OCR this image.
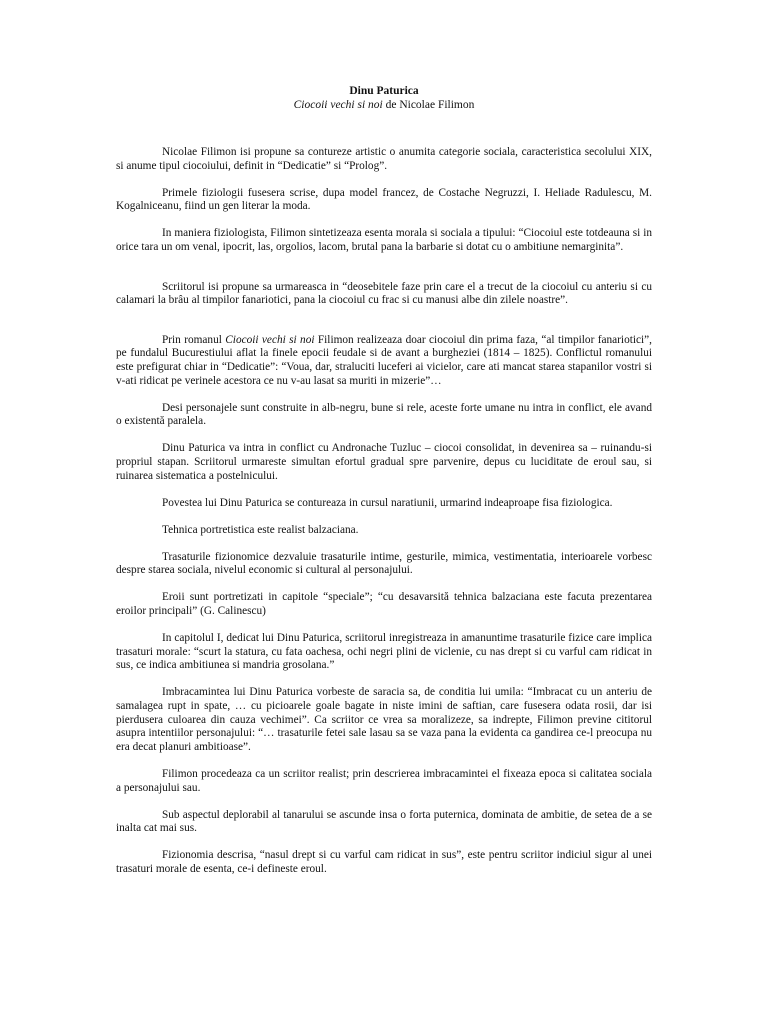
Dinu Paturica

Ciocoii vechi si noi de Nicolae Filimon

Nicolae Filimon isi propune sa contureze artistic o anumita categorie sociala, caracteristica secolului XIX, si anume tipul ciocoiului, definit in “Dedicatie” si “Prolog”.

Primele fiziologii fusesera scrise, dupa model francez, de Costache Negruzzi, I. Heliade Radulescu, M. Kogalniceanu, fiind un gen literar la moda.

In maniera fiziologista, Filimon sintetizeaza esenta morala si sociala a tipului: “Ciocoiul este totdeauna si in orice tara un om venal, ipocrit, las, orgolios, lacom, brutal pana la barbarie si dotat cu o ambitiune nemarginita”.

Scriitorul isi propune sa urmareasca in “deosebitele faze prin care el a trecut de la ciocoiul cu anteriu si cu calamari la brâu al timpilor fanariotici, pana la ciocoiul cu frac si cu manusi albe din zilele noastre”.

Prin romanul Ciocoii vechi si noi Filimon realizeaza doar ciocoiul din prima faza, “al timpilor fanariotici”, pe fundalul Bucurestiului aflat la finele epocii feudale si de avant a burgheziei (1814 – 1825). Conflictul romanului este prefigurat chiar in “Dedicatie”: “Voua, dar, straluciti luceferi ai vicielor, care ati mancat starea stapanilor vostri si v-ati ridicat pe verinele acestora ce nu v-au lasat sa muriti in mizerie”…

Desi personajele sunt construite in alb-negru, bune si rele, aceste forte umane nu intra in conflict, ele avand o existentă paralela.

Dinu Paturica va intra in conflict cu Andronache Tuzluc – ciocoi consolidat, in devenirea sa – ruinandu-si propriul stapan. Scriitorul urmareste simultan efortul gradual spre parvenire, depus cu luciditate de eroul sau, si ruinarea sistematica a postelnicului.

Povestea lui Dinu Paturica se contureaza in cursul naratiunii, urmarind indeaproape fisa fiziologica.

Tehnica portretistica este realist balzaciana.

Trasaturile fizionomice dezvaluie trasaturile intime, gesturile, mimica, vestimentatia, interioarele vorbesc despre starea sociala, nivelul economic si cultural al personajului.

Eroii sunt portretizati in capitole “speciale”; “cu desavarsită tehnica balzaciana este facuta prezentarea eroilor principali” (G. Calinescu)

In capitolul I, dedicat lui Dinu Paturica, scriitorul inregistreaza in amanuntime trasaturile fizice care implica trasaturi morale: “scurt la statura, cu fata oachesa, ochi negri plini de viclenie, cu nas drept si cu varful cam ridicat in sus, ce indica ambitiunea si mandria grosolana.”

Imbracamintea lui Dinu Paturica vorbeste de saracia sa, de conditia lui umila: “Imbracat cu un anteriu de samalagea rupt in spate, … cu picioarele goale bagate in niste imini de saftian, care fusesera odata rosii, dar isi pierdusera culoarea din cauza vechimei”. Ca scriitor ce vrea sa moralizeze, sa indrepte, Filimon previne cititorul asupra intentiilor personajului: “… trasaturile fetei sale lasau sa se vaza pana la evidenta ca gandirea ce-l preocupa nu era decat planuri ambitioase”.

Filimon procedeaza ca un scriitor realist; prin descrierea imbracamintei el fixeaza epoca si calitatea sociala a personajului sau.

Sub aspectul deplorabil al tanarului se ascunde insa o forta puternica, dominata de ambitie, de setea de a se inalta cat mai sus.

Fizionomia descrisa, “nasul drept si cu varful cam ridicat in sus”, este pentru scriitor indiciul sigur al unei trasaturi morale de esenta, ce-i defineste eroul.
